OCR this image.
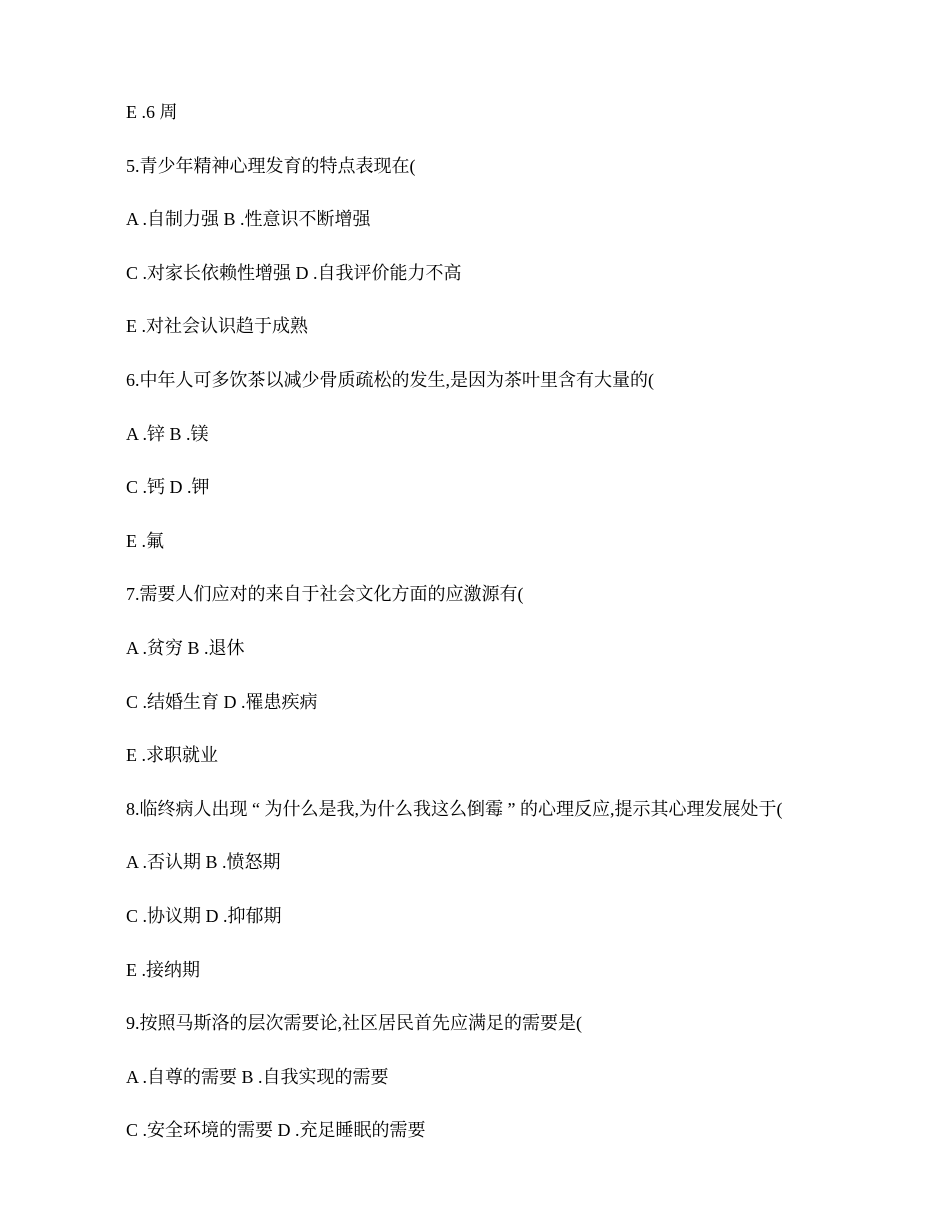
E .6 周
5.青少年精神心理发育的特点表现在(
A .自制力强 B .性意识不断增强
C .对家长依赖性增强 D .自我评价能力不高
E .对社会认识趋于成熟
6.中年人可多饮茶以减少骨质疏松的发生,是因为茶叶里含有大量的(
A .锌 B .镁
C .钙 D .钾
E .氟
7.需要人们应对的来自于社会文化方面的应激源有(
A .贫穷 B .退休
C .结婚生育 D .罹患疾病
E .求职就业
8.临终病人出现 “ 为什么是我,为什么我这么倒霉 ” 的心理反应,提示其心理发展处于(
A .否认期 B .愤怒期
C .协议期 D .抑郁期
E .接纳期
9.按照马斯洛的层次需要论,社区居民首先应满足的需要是(
A .自尊的需要 B .自我实现的需要
C .安全环境的需要 D .充足睡眠的需要
